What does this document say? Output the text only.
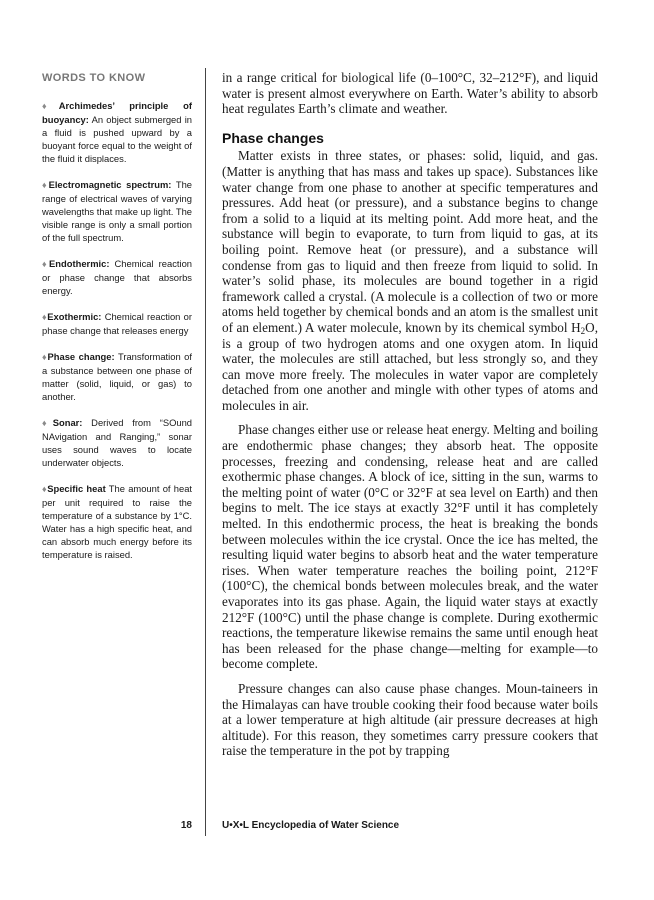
WORDS TO KNOW
♦Archimedes’ principle of buoyancy: An object submerged in a fluid is pushed upward by a buoyant force equal to the weight of the fluid it displaces.
♦Electromagnetic spectrum: The range of electrical waves of varying wavelengths that make up light. The visible range is only a small portion of the full spectrum.
♦Endothermic: Chemical reaction or phase change that absorbs energy.
♦Exothermic: Chemical reaction or phase change that releases energy
♦Phase change: Transformation of a substance between one phase of matter (solid, liquid, or gas) to another.
♦Sonar: Derived from “SOund NAvigation and Ranging,” sonar uses sound waves to locate underwater objects.
♦Specific heat The amount of heat per unit required to raise the temperature of a substance by 1°C. Water has a high specific heat, and can absorb much energy before its temperature is raised.

in a range critical for biological life (0–100°C, 32–212°F), and liquid water is present almost everywhere on Earth. Water’s ability to absorb heat regulates Earth’s climate and weather.

Phase changes

Matter exists in three states, or phases: solid, liquid, and gas. (Matter is anything that has mass and takes up space). Substances like water change from one phase to another at specific temperatures and pressures. Add heat (or pressure), and a substance begins to change from a solid to a liquid at its melting point. Add more heat, and the substance will begin to evaporate, to turn from liquid to gas, at its boiling point. Remove heat (or pressure), and a substance will condense from gas to liquid and then freeze from liquid to solid. In water’s solid phase, its molecules are bound together in a rigid framework called a crystal. (A molecule is a collection of two or more atoms held together by chemical bonds and an atom is the smallest unit of an element.) A water molecule, known by its chemical symbol $H_2O$, is a group of two hydrogen atoms and one oxygen atom. In liquid water, the molecules are still attached, but less strongly so, and they can move more freely. The molecules in water vapor are completely detached from one another and mingle with other types of atoms and molecules in air.

Phase changes either use or release heat energy. Melting and boiling are endothermic phase changes; they absorb heat. The opposite processes, freezing and condensing, release heat and are called exothermic phase changes. A block of ice, sitting in the sun, warms to the melting point of water (0°C or 32°F at sea level on Earth) and then begins to melt. The ice stays at exactly 32°F until it has completely melted. In this endothermic process, the heat is breaking the bonds between molecules within the ice crystal. Once the ice has melted, the resulting liquid water begins to absorb heat and the water temperature rises. When water temperature reaches the boiling point, 212°F (100°C), the chemical bonds between molecules break, and the water evaporates into its gas phase. Again, the liquid water stays at exactly 212°F (100°C) until the phase change is complete. During exothermic reactions, the temperature likewise remains the same until enough heat has been released for the phase change—melting for example—to become complete.

Pressure changes can also cause phase changes. Moun-taineers in the Himalayas can have trouble cooking their food because water boils at a lower temperature at high altitude (air pressure decreases at high altitude). For this reason, they sometimes carry pressure cookers that raise the temperature in the pot by trapping

18	U•X•L Encyclopedia of Water Science
